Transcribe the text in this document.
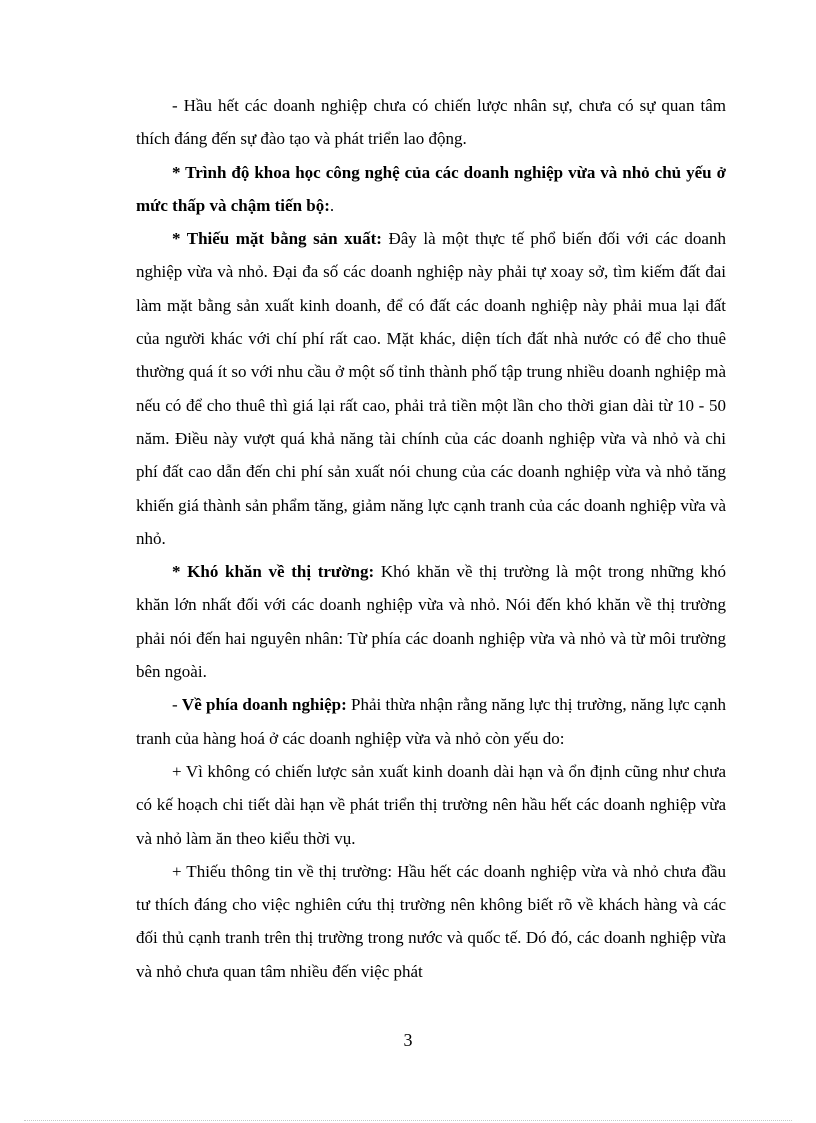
- Hầu hết các doanh nghiệp chưa có chiến lược nhân sự, chưa có sự quan tâm thích đáng đến sự đào tạo và phát triển lao động.

* Trình độ khoa học công nghệ của các doanh nghiệp vừa và nhỏ chủ yếu ở mức thấp và chậm tiến bộ:.

* Thiếu mặt bằng sản xuất: Đây là một thực tế phổ biến đối với các doanh nghiệp vừa và nhỏ. Đại đa số các doanh nghiệp này phải tự xoay sở, tìm kiếm đất đai làm mặt bằng sản xuất kinh doanh, để có đất các doanh nghiệp này phải mua lại đất của người khác với chí phí rất cao. Mặt khác, diện tích đất nhà nước có để cho thuê thường quá ít so với nhu cầu ở một số tỉnh thành phố tập trung nhiều doanh nghiệp mà nếu có để cho thuê thì giá lại rất cao, phải trả tiền một lần cho thời gian dài từ 10 - 50 năm. Điều này vượt quá khả năng tài chính của các doanh nghiệp vừa và nhỏ và chi phí đất cao dẫn đến chi phí sản xuất nói chung của các doanh nghiệp vừa và nhỏ tăng khiến giá thành sản phẩm tăng, giảm năng lực cạnh tranh của các doanh nghiệp vừa và nhỏ.

* Khó khăn về thị trường: Khó khăn về thị trường là một trong những khó khăn lớn nhất đối với các doanh nghiệp vừa và nhỏ. Nói đến khó khăn về thị trường phải nói đến hai nguyên nhân: Từ phía các doanh nghiệp vừa và nhỏ và từ môi trường bên ngoài.

- Về phía doanh nghiệp: Phải thừa nhận rằng năng lực thị trường, năng lực cạnh tranh của hàng hoá ở các doanh nghiệp vừa và nhỏ còn yếu do:

+ Vì không có chiến lược sản xuất kinh doanh dài hạn và ổn định cũng như chưa có kế hoạch chi tiết dài hạn về phát triển thị trường nên hầu hết các doanh nghiệp vừa và nhỏ làm ăn theo kiểu thời vụ.

+ Thiếu thông tin về thị trường: Hầu hết các doanh nghiệp vừa và nhỏ chưa đầu tư thích đáng cho việc nghiên cứu thị trường nên không biết rõ về khách hàng và các đối thủ cạnh tranh trên thị trường trong nước và quốc tế. Dó đó, các doanh nghiệp vừa và nhỏ chưa quan tâm nhiều đến việc phát

3
